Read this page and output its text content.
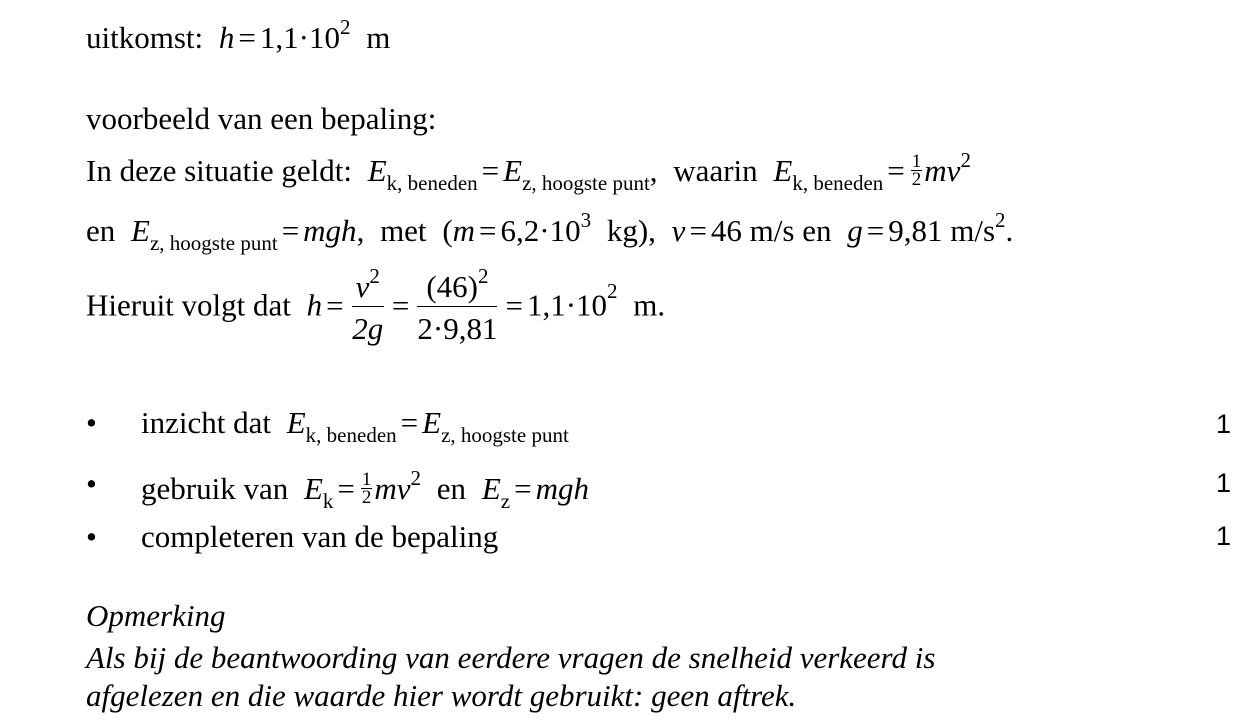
uitkomst: $h = 1,1\cdot 10^2$ m
voorbeeld van een bepaling:
In deze situatie geldt: $E_{k, beneden} = E_{z, hoogste punt}$, waarin $E_{k, beneden} = \frac{1}{2} mv^2$
en $E_{z, hoogste punt}$ = mgh, met ($m = 6,2\cdot 10^3$ kg), v = 46 m/s en g = 9,81 $m/s^2$.
Hieruit volgt dat $h = \frac{v^2}{2g} = \frac{(46)^2}{2\cdot 9,81} = 1,1\cdot 10^2$ m.
• inzicht dat $E_{k, beneden} = E_{z, hoogste punt}$	1
• gebruik van $E_k = \frac{1}{2} mv^2$ en $E_z$ = mgh	1
• completeren van de bepaling	1
Opmerking
Als bij de beantwoording van eerdere vragen de snelheid verkeerd is
afgelezen en die waarde hier wordt gebruikt: geen aftrek.
